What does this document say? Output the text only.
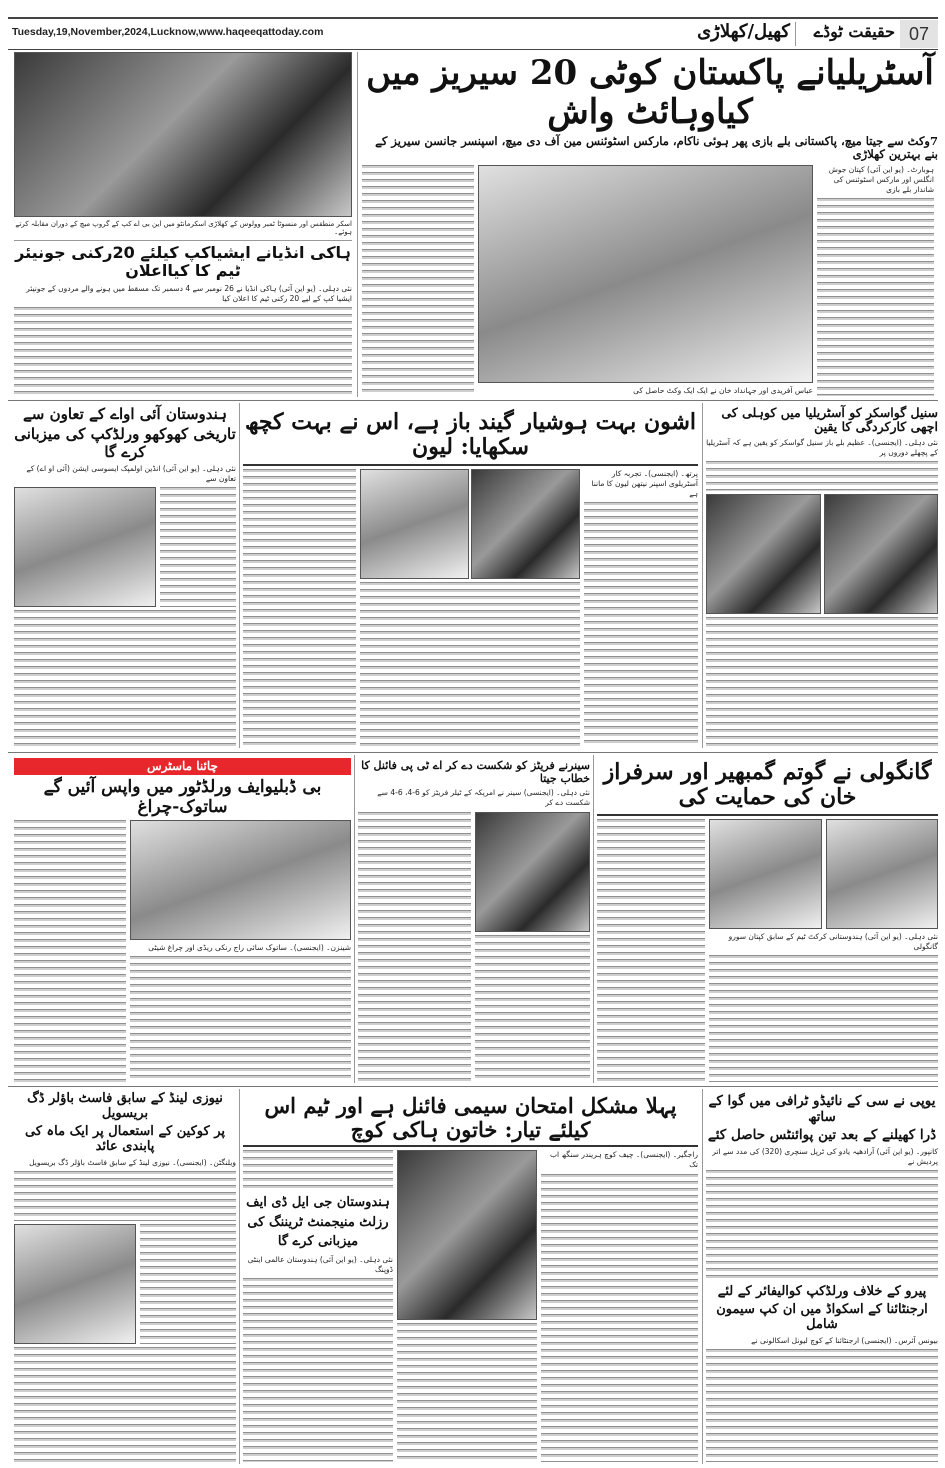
Tuesday,19,November,2024,Lucknow,www.haqeeqattoday.com	کھیل/کھلاڑی	حقیقت ٹوڈے 07
اسکر منطقس اور منسوٹا ٹمبر وولوس کے کھلاڑی اسکرمانٹو میں این بی اے کپ کے گروپ میچ کے دوران مقابلہ کرتے ہوئے۔
ہاکی انڈیانے ایشیاکپ کیلئے 20رکنی جونیئر ٹیم کا کیااعلان
نئی دہلی۔ (یو این آئی) ہاکی انڈیا نے 26 نومبر سے 4 دسمبر تک مسقط میں ہونے والے مردوں کے جونیئر ایشیا کپ کے لیے 20 رکنی ٹیم کا اعلان کیا
آسٹریلیانے پاکستان کوٹی 20 سیریز میں کیاوہائٹ واش
7وکٹ سے جیتا میچ، پاکستانی بلے بازی پھر ہوئی ناکام، مارکس اسٹوئنس مین آف دی میچ، اسپنسر جانسن سیریز کے بنے بہترین کھلاڑی
عباس آفریدی اور جہانداد خان نے ایک ایک وکٹ حاصل کی
ہوبارٹ۔ (یو این آئی) کپتان جوش انگلس اور مارکس اسٹوئنس کی شاندار بلے بازی
ہندوستان آئی اواے کے تعاون سے
تاریخی کھوکھو ورلڈکپ کی میزبانی کرے گا
نئی دہلی۔ (یو این آئی) انڈین اولمپک ایسوسی ایشن (آئی او اے) کے تعاون سے
اشون بہت ہوشیار گیند باز ہے، اس نے بہت کچھ سکھایا: لیون
پرتھ۔ (ایجنسی)۔ تجربہ کار آسٹریلوی اسپنر نیتھن لیون کا ماننا ہے
سنیل گواسکر کو آسٹریلیا میں کوہلی کی اچھی کارکردگی کا یقین
نئی دہلی۔ (ایجنسی)۔ عظیم بلے باز سنیل گواسکر کو یقین ہے کہ آسٹریلیا کے پچھلے دوروں پر
چائنا ماسٹرس
بی ڈبلیوایف ورلڈٹور میں واپس آئیں گے ساتوک-چراغ
شینزن۔ (ایجنسی)۔ ساتوک سائی راج رنکی ریڈی اور چراغ شیٹی
سینرنے فریٹز کو شکست دے کر اے ٹی پی فائنل کا خطاب جیتا
نئی دہلی۔ (ایجنسی) سینر نے امریکہ کے ٹیلر فریٹز کو 6-4، 6-4 سے شکست دے کر
گانگولی نے گوتم گمبھیر اور سرفراز خان کی حمایت کی
نئی دہلی۔ (یو این آئی) ہندوستانی کرکٹ ٹیم کے سابق کپتان سورو گانگولی
نیوزی لینڈ کے سابق فاسٹ باؤلر ڈگ بریسویل
پر کوکین کے استعمال پر ایک ماہ کی پابندی عائد
ویلنگٹن۔ (ایجنسی)۔ نیوزی لینڈ کے سابق فاسٹ باؤلر ڈگ بریسویل
پہلا مشکل امتحان سیمی فائنل ہے اور ٹیم اس کیلئے تیار: خاتون ہاکی کوچ
ہندوستان جی ایل ڈی ایف رزلٹ منیجمنٹ ٹریننگ کی میزبانی کرے گا
نئی دہلی۔ (یو این آئی) ہندوستان عالمی اینٹی ڈوپنگ
راجگیر۔ (ایجنسی)۔ چیف کوچ ہریندر سنگھ اب تک
یوپی نے سی کے نائیڈو ٹرافی میں گوا کے ساتھ
ڈرا کھیلنے کے بعد تین پوائنٹس حاصل کئے
کانپور۔ (یو این آئی) آرادھیہ یادو کی ٹرپل سنچری (320) کی مدد سے اتر پردیش نے
پیرو کے خلاف ورلڈکپ کوالیفائر کے لئے
ارجنٹائنا کے اسکواڈ میں ان کپ سیمون شامل
بیونس آئرس۔ (ایجنسی) ارجنٹائنا کے کوچ لیونل اسکالونی نے
